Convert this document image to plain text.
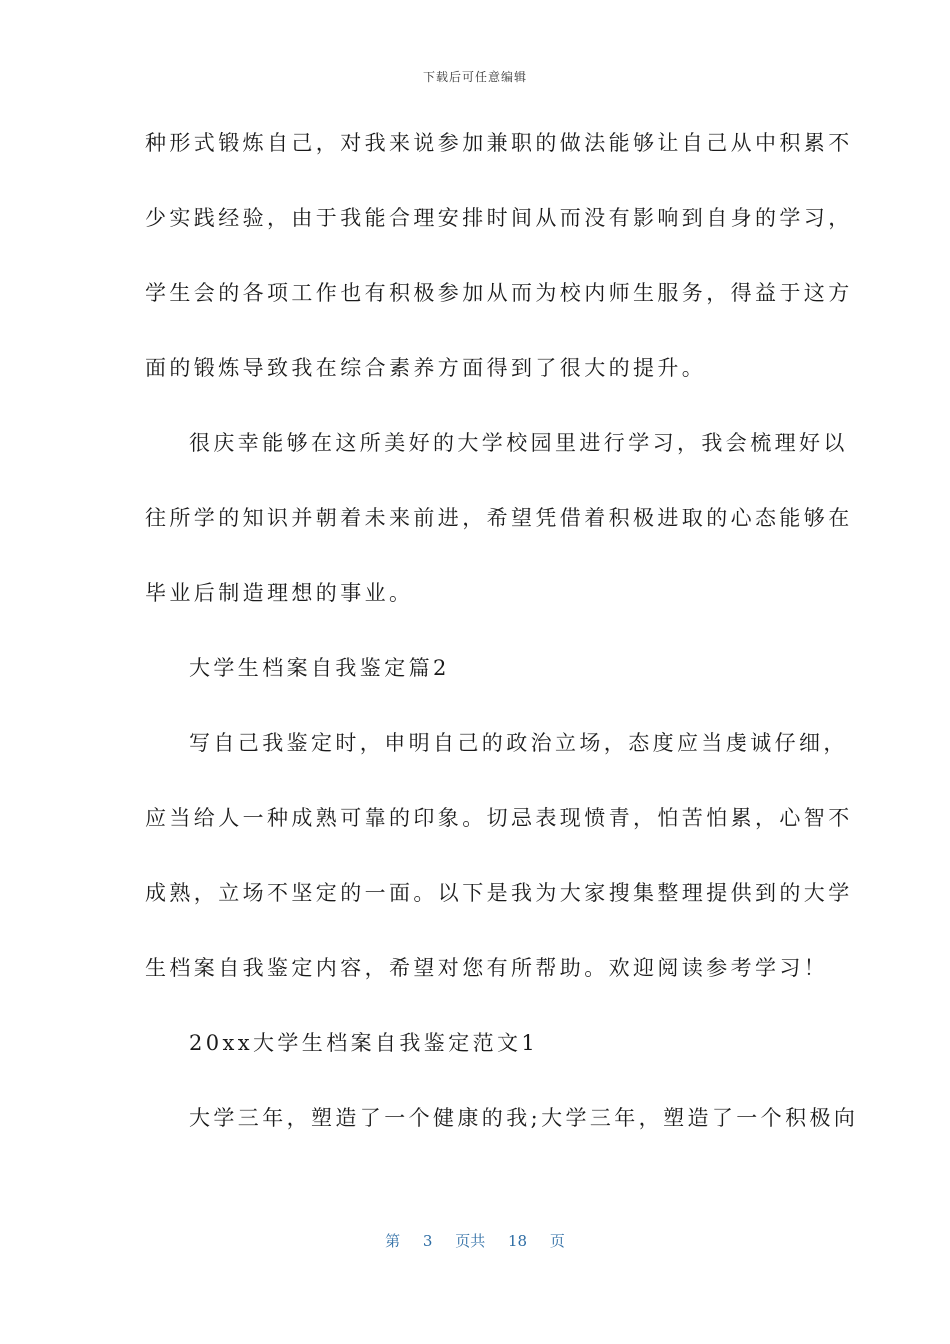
下载后可任意编辑
种形式锻炼自己，对我来说参加兼职的做法能够让自己从中积累不
少实践经验，由于我能合理安排时间从而没有影响到自身的学习，
学生会的各项工作也有积极参加从而为校内师生服务，得益于这方
面的锻炼导致我在综合素养方面得到了很大的提升。
很庆幸能够在这所美好的大学校园里进行学习，我会梳理好以
往所学的知识并朝着未来前进，希望凭借着积极进取的心态能够在
毕业后制造理想的事业。
大学生档案自我鉴定篇2
写自己我鉴定时，申明自己的政治立场，态度应当虔诚仔细，
应当给人一种成熟可靠的印象。切忌表现愤青，怕苦怕累，心智不
成熟，立场不坚定的一面。以下是我为大家搜集整理提供到的大学
生档案自我鉴定内容，希望对您有所帮助。欢迎阅读参考学习！
20xx大学生档案自我鉴定范文1
大学三年，塑造了一个健康的我;大学三年，塑造了一个积极向
第 3 页共 18 页
